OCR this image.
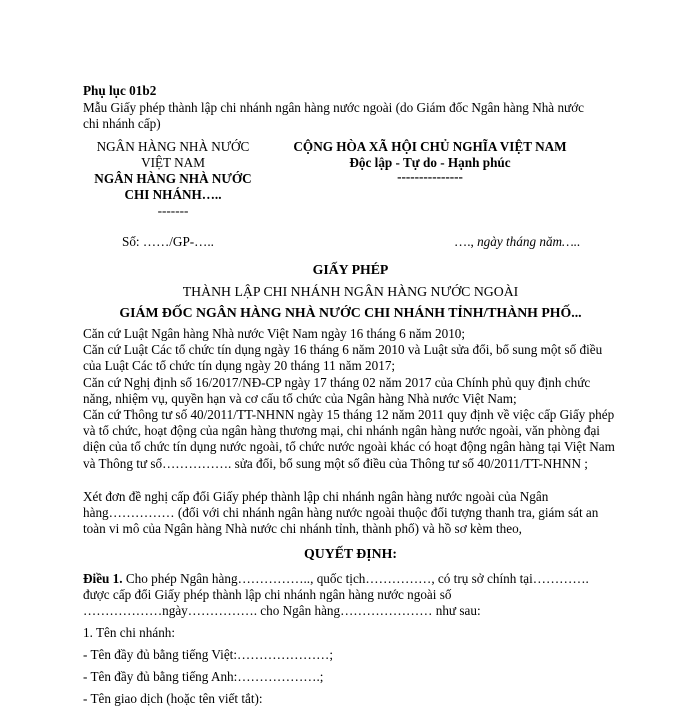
Phụ lục 01b2
Mẫu Giấy phép thành lập chi nhánh ngân hàng nước ngoài (do Giám đốc Ngân hàng Nhà nước
chi nhánh cấp)
NGÂN HÀNG NHÀ NƯỚC
VIỆT NAM
NGÂN HÀNG NHÀ NƯỚC
CHI NHÁNH…..
-------
CỘNG HÒA XÃ HỘI CHỦ NGHĨA VIỆT NAM
Độc lập - Tự do - Hạnh phúc
---------------
Số: ……/GP-…..	…., ngày tháng năm…..
GIẤY PHÉP
THÀNH LẬP CHI NHÁNH NGÂN HÀNG NƯỚC NGOÀI
GIÁM ĐỐC NGÂN HÀNG NHÀ NƯỚC CHI NHÁNH TỈNH/THÀNH PHỐ...
Căn cứ Luật Ngân hàng Nhà nước Việt Nam ngày 16 tháng 6 năm 2010;
Căn cứ Luật Các tổ chức tín dụng ngày 16 tháng 6 năm 2010 và Luật sửa đổi, bổ sung một số điều của Luật Các tổ chức tín dụng ngày 20 tháng 11 năm 2017;
Căn cứ Nghị định số 16/2017/NĐ-CP ngày 17 tháng 02 năm 2017 của Chính phủ quy định chức năng, nhiệm vụ, quyền hạn và cơ cấu tổ chức của Ngân hàng Nhà nước Việt Nam;
Căn cứ Thông tư số 40/2011/TT-NHNN ngày 15 tháng 12 năm 2011 quy định về việc cấp Giấy phép và tổ chức, hoạt động của ngân hàng thương mại, chi nhánh ngân hàng nước ngoài, văn phòng đại diện của tổ chức tín dụng nước ngoài, tổ chức nước ngoài khác có hoạt động ngân hàng tại Việt Nam và Thông tư số……………. sửa đổi, bổ sung một số điều của Thông tư số 40/2011/TT-NHNN ;
Xét đơn đề nghị cấp đổi Giấy phép thành lập chi nhánh ngân hàng nước ngoài của Ngân hàng…………… (đối với chi nhánh ngân hàng nước ngoài thuộc đối tượng thanh tra, giám sát an toàn vi mô của Ngân hàng Nhà nước chi nhánh tỉnh, thành phố) và hồ sơ kèm theo,
QUYẾT ĐỊNH:
Điều 1. Cho phép Ngân hàng…………….., quốc tịch……………, có trụ sở chính tại………….
được cấp đổi Giấy phép thành lập chi nhánh ngân hàng nước ngoài số
………………ngày……………. cho Ngân hàng………………… như sau:
1. Tên chi nhánh:
- Tên đầy đủ bằng tiếng Việt:…………………;
- Tên đầy đủ bằng tiếng Anh:……………….;
- Tên giao dịch (hoặc tên viết tắt):
